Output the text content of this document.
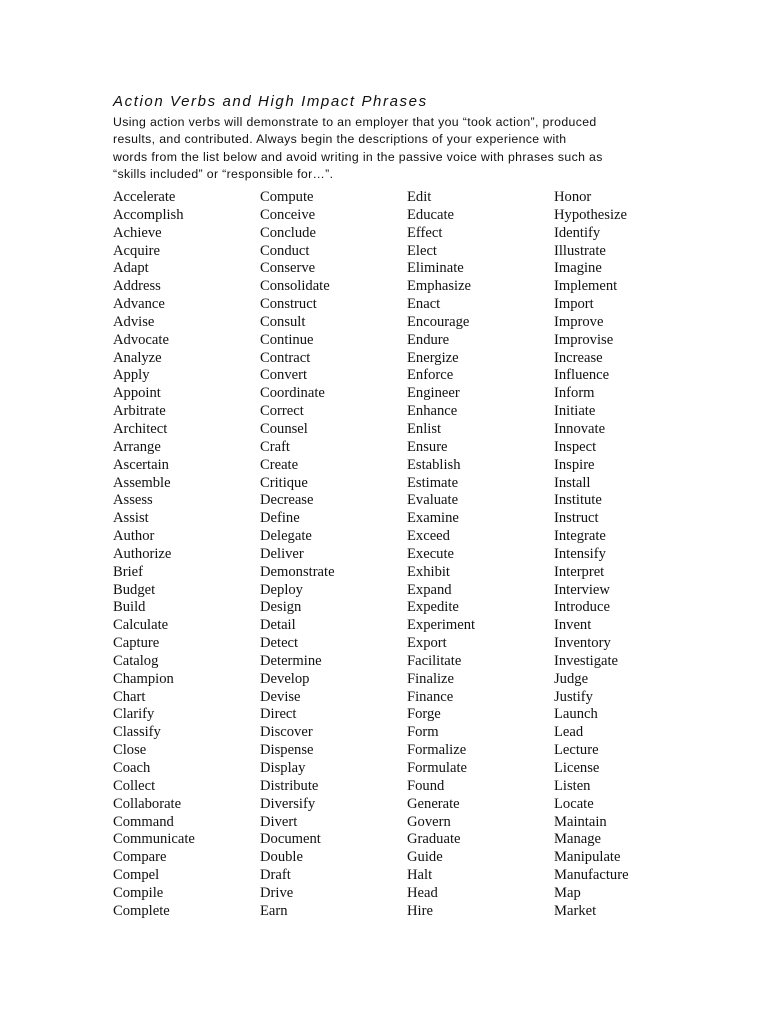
Action Verbs and High Impact Phrases
Using action verbs will demonstrate to an employer that you “took action”, produced
results, and contributed. Always begin the descriptions of your experience with
words from the list below and avoid writing in the passive voice with phrases such as
“skills included” or “responsible for…”.
Accelerate
Accomplish
Achieve
Acquire
Adapt
Address
Advance
Advise
Advocate
Analyze
Apply
Appoint
Arbitrate
Architect
Arrange
Ascertain
Assemble
Assess
Assist
Author
Authorize
Brief
Budget
Build
Calculate
Capture
Catalog
Champion
Chart
Clarify
Classify
Close
Coach
Collect
Collaborate
Command
Communicate
Compare
Compel
Compile
Complete
Compute
Conceive
Conclude
Conduct
Conserve
Consolidate
Construct
Consult
Continue
Contract
Convert
Coordinate
Correct
Counsel
Craft
Create
Critique
Decrease
Define
Delegate
Deliver
Demonstrate
Deploy
Design
Detail
Detect
Determine
Develop
Devise
Direct
Discover
Dispense
Display
Distribute
Diversify
Divert
Document
Double
Draft
Drive
Earn
Edit
Educate
Effect
Elect
Eliminate
Emphasize
Enact
Encourage
Endure
Energize
Enforce
Engineer
Enhance
Enlist
Ensure
Establish
Estimate
Evaluate
Examine
Exceed
Execute
Exhibit
Expand
Expedite
Experiment
Export
Facilitate
Finalize
Finance
Forge
Form
Formalize
Formulate
Found
Generate
Govern
Graduate
Guide
Halt
Head
Hire
Honor
Hypothesize
Identify
Illustrate
Imagine
Implement
Import
Improve
Improvise
Increase
Influence
Inform
Initiate
Innovate
Inspect
Inspire
Install
Institute
Instruct
Integrate
Intensify
Interpret
Interview
Introduce
Invent
Inventory
Investigate
Judge
Justify
Launch
Lead
Lecture
License
Listen
Locate
Maintain
Manage
Manipulate
Manufacture
Map
Market
